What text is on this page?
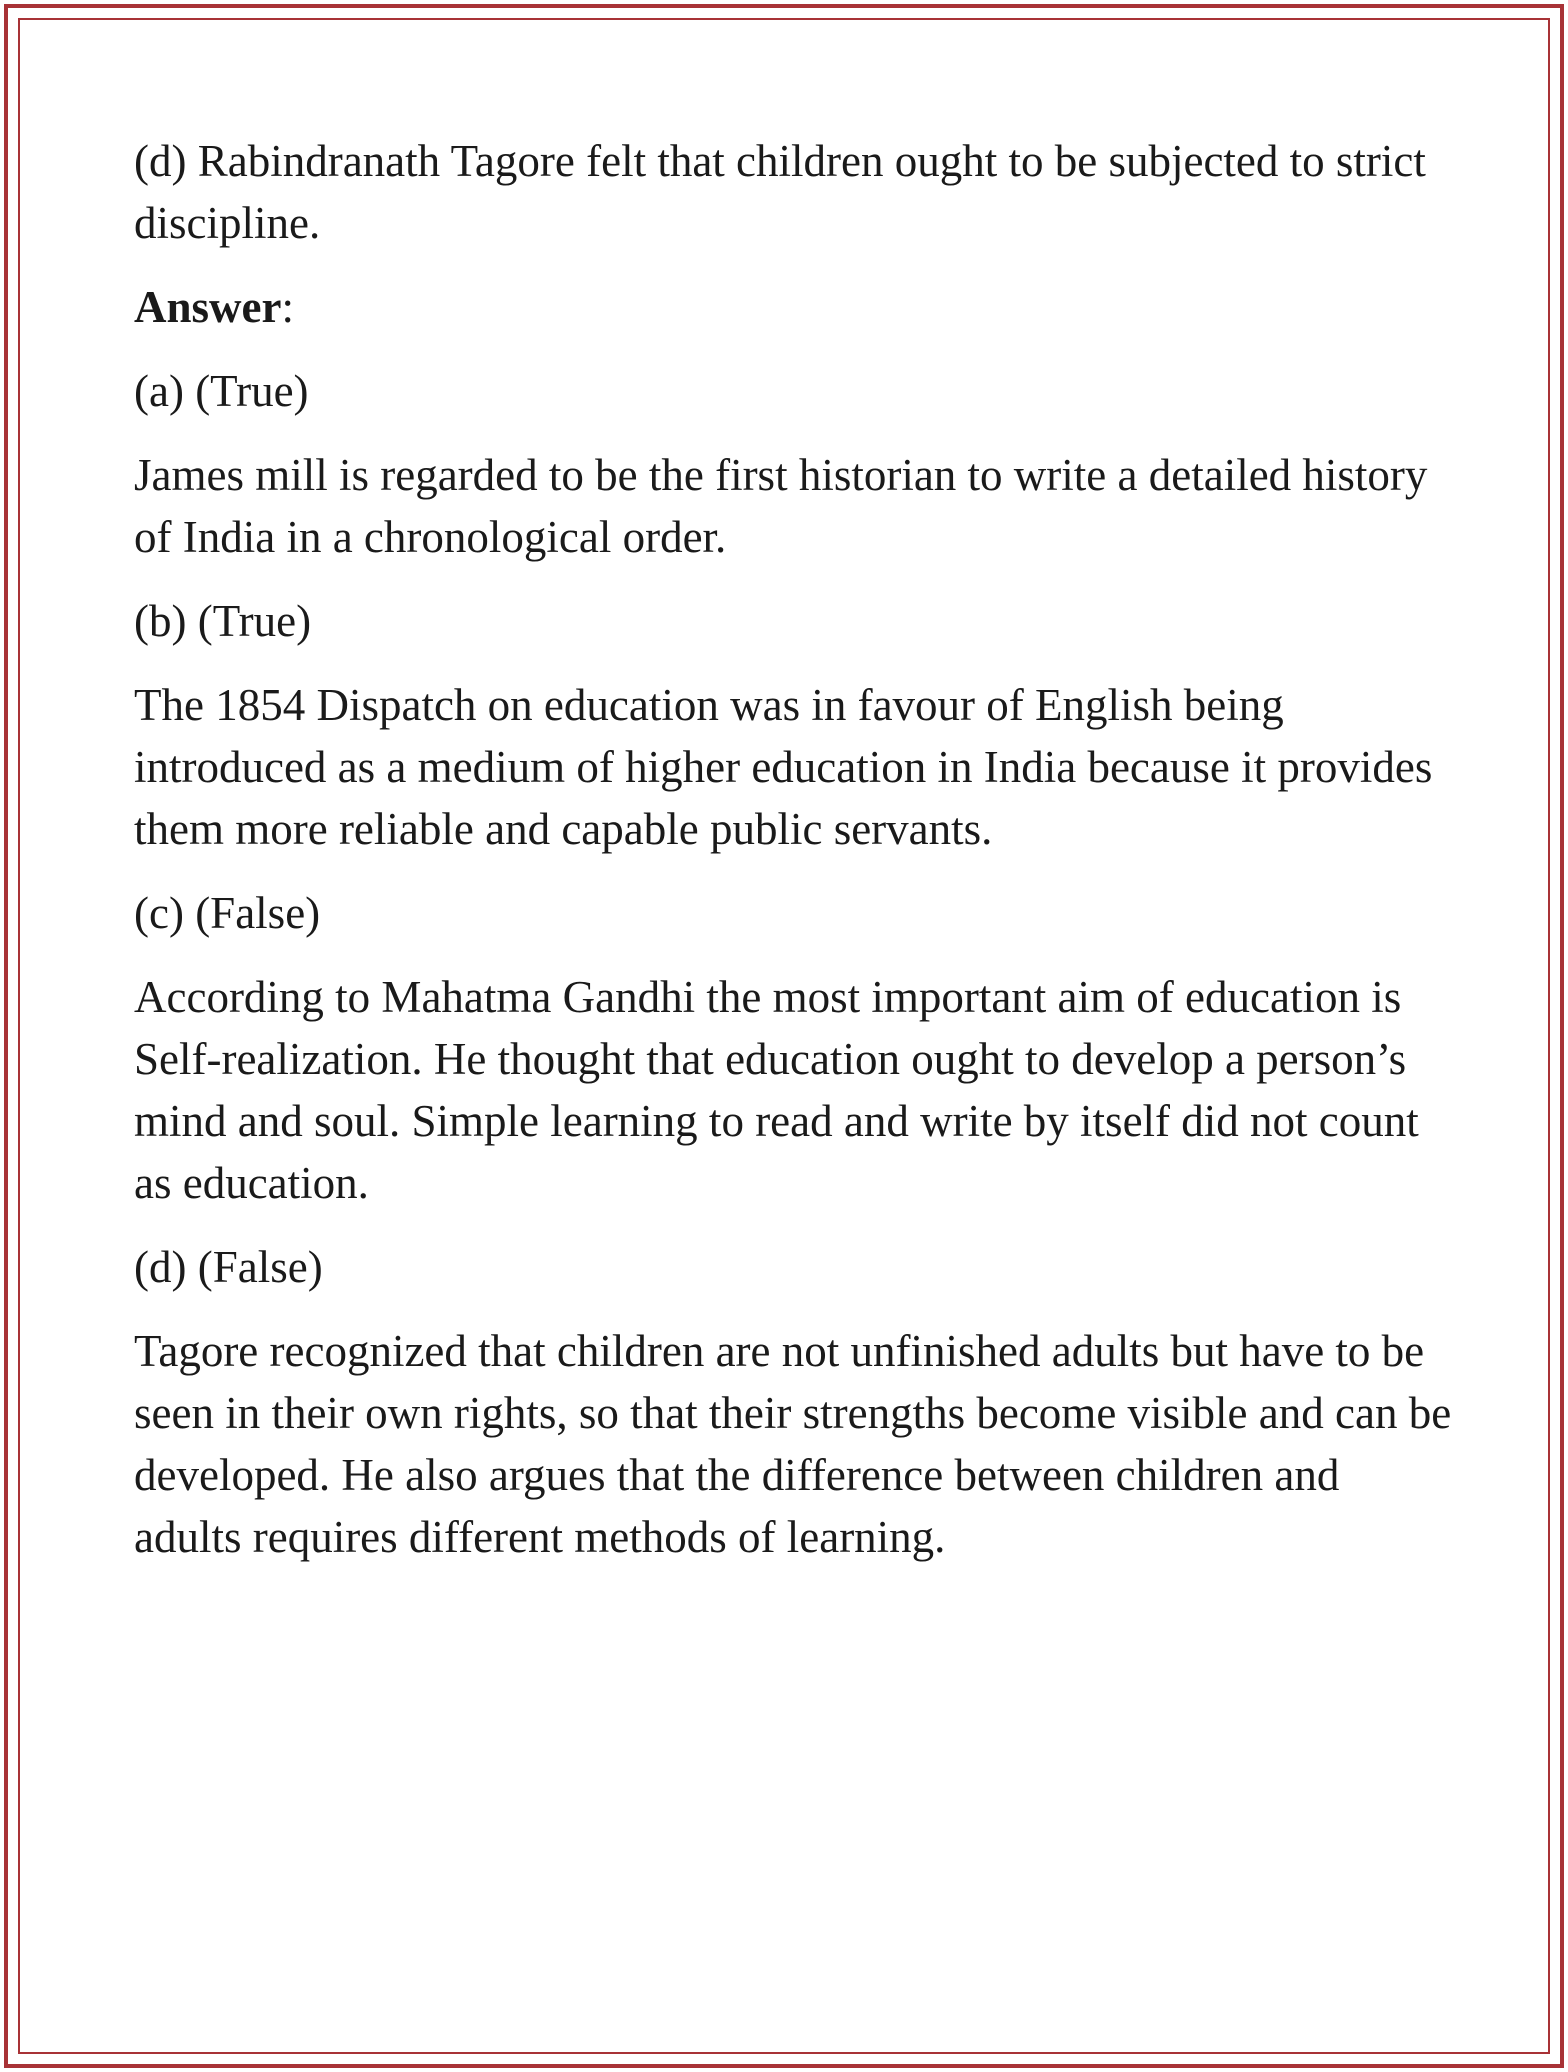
(d) Rabindranath Tagore felt that children ought to be subjected to strict discipline.

Answer:

(a) (True)

James mill is regarded to be the first historian to write a detailed history of India in a chronological order.

(b) (True)

The 1854 Dispatch on education was in favour of English being introduced as a medium of higher education in India because it provides them more reliable and capable public servants.

(c) (False)

According to Mahatma Gandhi the most important aim of education is Self-realization. He thought that education ought to develop a person’s mind and soul. Simple learning to read and write by itself did not count as education.

(d) (False)

Tagore recognized that children are not unfinished adults but have to be seen in their own rights, so that their strengths become visible and can be developed. He also argues that the difference between children and adults requires different methods of learning.
